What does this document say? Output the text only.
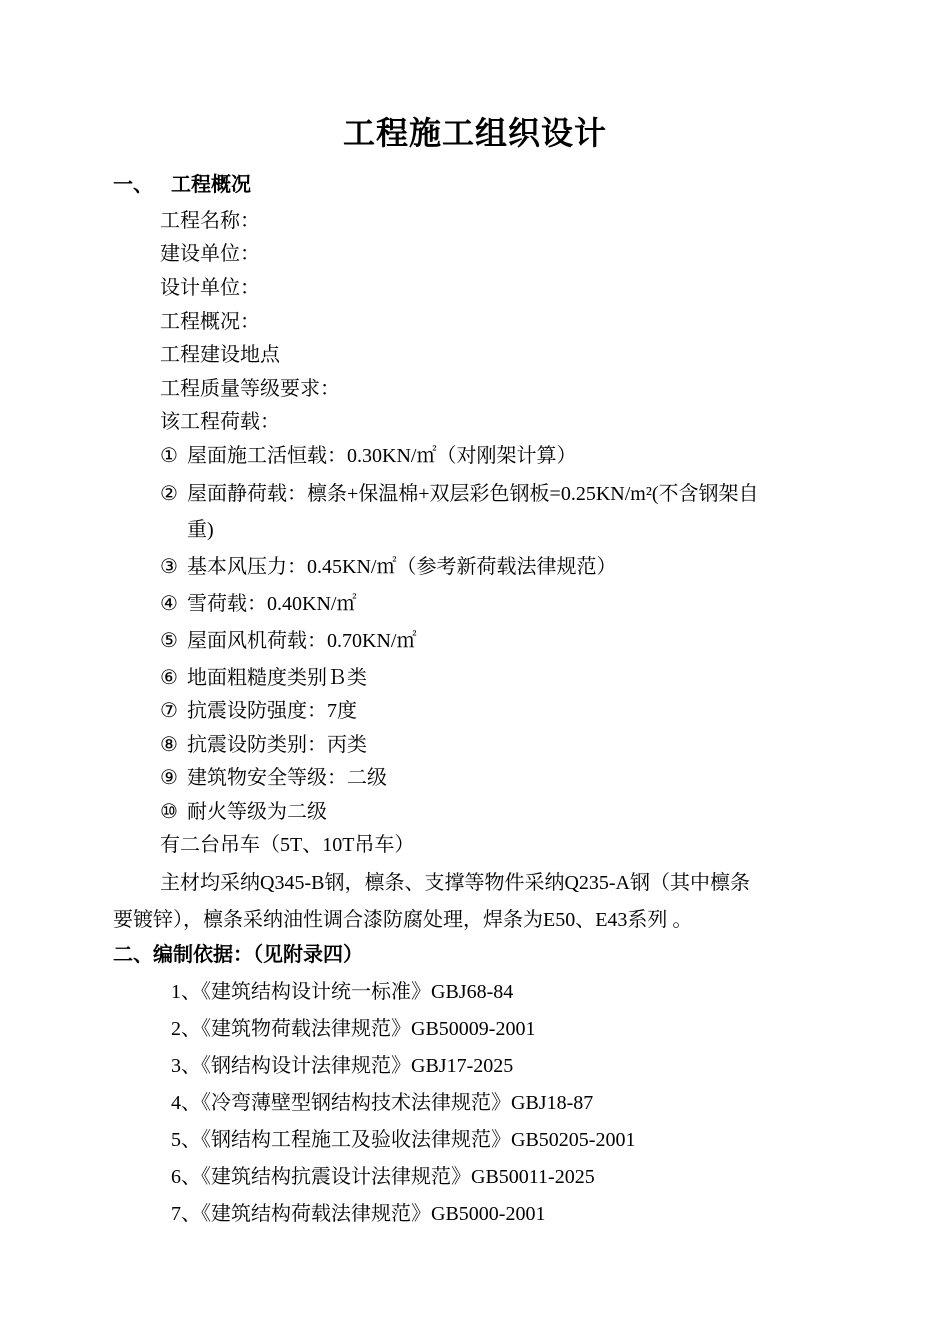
工程施工组织设计
一、 工程概况
工程名称：
建设单位：
设计单位：
工程概况：
工程建设地点
工程质量等级要求：
该工程荷载：
① 屋面施工活恒载：0.30KN/㎡（对刚架计算）
② 屋面静荷载：檩条+保温棉+双层彩色钢板=0.25KN/m²(不含钢架自
重)
③ 基本风压力：0.45KN/㎡（参考新荷载法律规范）
④ 雪荷载：0.40KN/㎡
⑤ 屋面风机荷载：0.70KN/㎡
⑥ 地面粗糙度类别Ｂ类
⑦ 抗震设防强度：7度
⑧ 抗震设防类别：丙类
⑨ 建筑物安全等级：二级
⑩ 耐火等级为二级
有二台吊车（5T、10T吊车）
主材均采纳Q345-B钢，檩条、支撑等物件采纳Q235-A钢（其中檩条
要镀锌），檩条采纳油性调合漆防腐处理，焊条为E50、E43系列 。
二、编制依据：（见附录四）
1、《建筑结构设计统一标准》GBJ68-84
2、《建筑物荷载法律规范》GB50009-2001
3、《钢结构设计法律规范》GBJ17-2025
4、《冷弯薄壁型钢结构技术法律规范》GBJ18-87
5、《钢结构工程施工及验收法律规范》GB50205-2001
6、《建筑结构抗震设计法律规范》GB50011-2025
7、《建筑结构荷载法律规范》GB5000-2001
